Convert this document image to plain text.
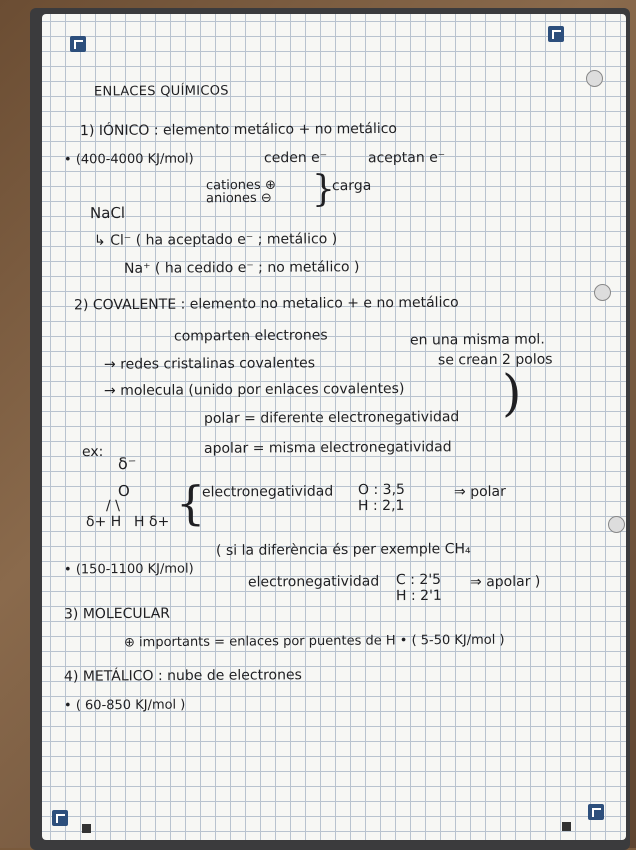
ENLACES QUÍMICOS
1) IÓNICO : elemento metálico + no metálico
• (400-4000 KJ/mol)	ceden e⁻	aceptan e⁻
cationes ⊕
aniones ⊖ }
carga
NaCl
↳ Cl⁻ ( ha aceptado e⁻ ; metálico )
Na⁺ ( ha cedido e⁻ ; no metálico )
2) COVALENTE : elemento no metalico + e no metálico
comparten electrones	en una misma mol.
→ redes cristalinas covalentes	se crean 2 polos
→ molecula (unido por enlaces covalentes) )
polar = diferente electronegatividad
apolar = misma electronegatividad
ex:
δ⁻
O
/ \
δ+ H H δ+ {
electronegatividad O : 3,5
H : 2,1
⇒ polar
• (150-1100 KJ/mol)
( si la diferència és per exemple CH₄
electronegatividad C : 2'5
H : 2'1
⇒ apolar )
3) MOLECULAR
⊕ importants = enlaces por puentes de H • ( 5-50 KJ/mol )
4) METÁLICO : nube de electrones
• ( 60-850 KJ/mol )
